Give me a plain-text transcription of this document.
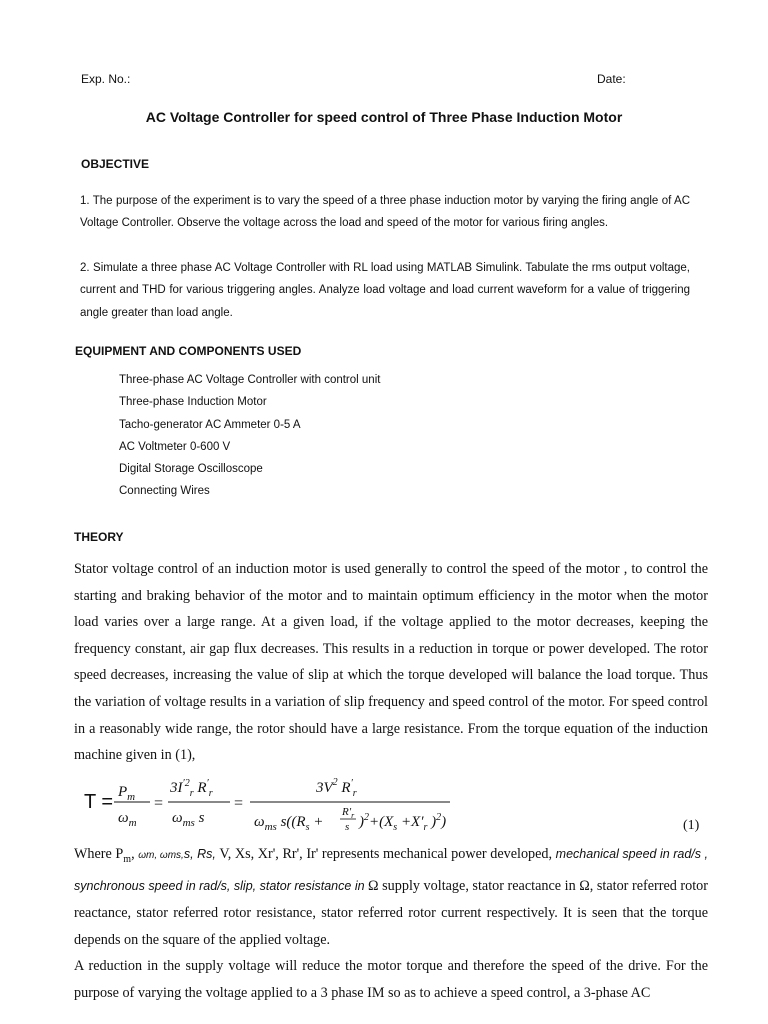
Exp. No.:	Date:
AC Voltage Controller for speed control of Three Phase Induction Motor
OBJECTIVE
1. The purpose of the experiment is to vary the speed of a three phase induction motor by varying the firing angle of AC Voltage Controller. Observe the voltage across the load and speed of the motor for various firing angles.
2. Simulate a three phase AC Voltage Controller with RL load using MATLAB Simulink. Tabulate the rms output voltage, current and THD for various triggering angles. Analyze load voltage and load current waveform for a value of triggering angle greater than load angle.
EQUIPMENT AND COMPONENTS USED
Three-phase AC Voltage Controller with control unit
Three-phase Induction Motor
Tacho-generator AC Ammeter 0-5 A
AC Voltmeter 0-600 V
Digital Storage Oscilloscope
Connecting Wires
THEORY

Stator voltage control of an induction motor is used generally to control the speed of the motor , to control the starting and braking behavior of the motor and to maintain optimum efficiency in the motor when the motor load varies over a large range. At a given load, if the voltage applied to the motor decreases, keeping the frequency constant, air gap flux decreases. This results in a reduction in torque or power developed. The rotor speed decreases, increasing the value of slip at which the torque developed will balance the load torque. Thus the variation of voltage results in a variation of slip frequency and speed control of the motor. For speed control in a reasonably wide range, the rotor should have a large resistance. From the torque equation of the induction machine given in (1),

$T = P_m$
$\omega_m$
=
$3I^{'2}_r$ $R'_r$
$\omega_{ms}$ s
=
$3V^2$ $R'_r$
$\omega_{ms}$ $s((R_s$ +
$R'_r$
s )$^2+(X_s +X'_r$ )$^2$)	(1)

Where $P_m$, ωm, ωms,s, Rs, V, Xs, Xr', Rr', Ir' represents mechanical power developed, mechanical speed in rad/s , synchronous speed in rad/s, slip, stator resistance in Ω supply voltage, stator reactance in Ω, stator referred rotor reactance, stator referred rotor resistance, stator referred rotor current respectively. It is seen that the torque depends on the square of the applied voltage.

A reduction in the supply voltage will reduce the motor torque and therefore the speed of the drive. For the purpose of varying the voltage applied to a 3 phase IM so as to achieve a speed control, a 3-phase AC
